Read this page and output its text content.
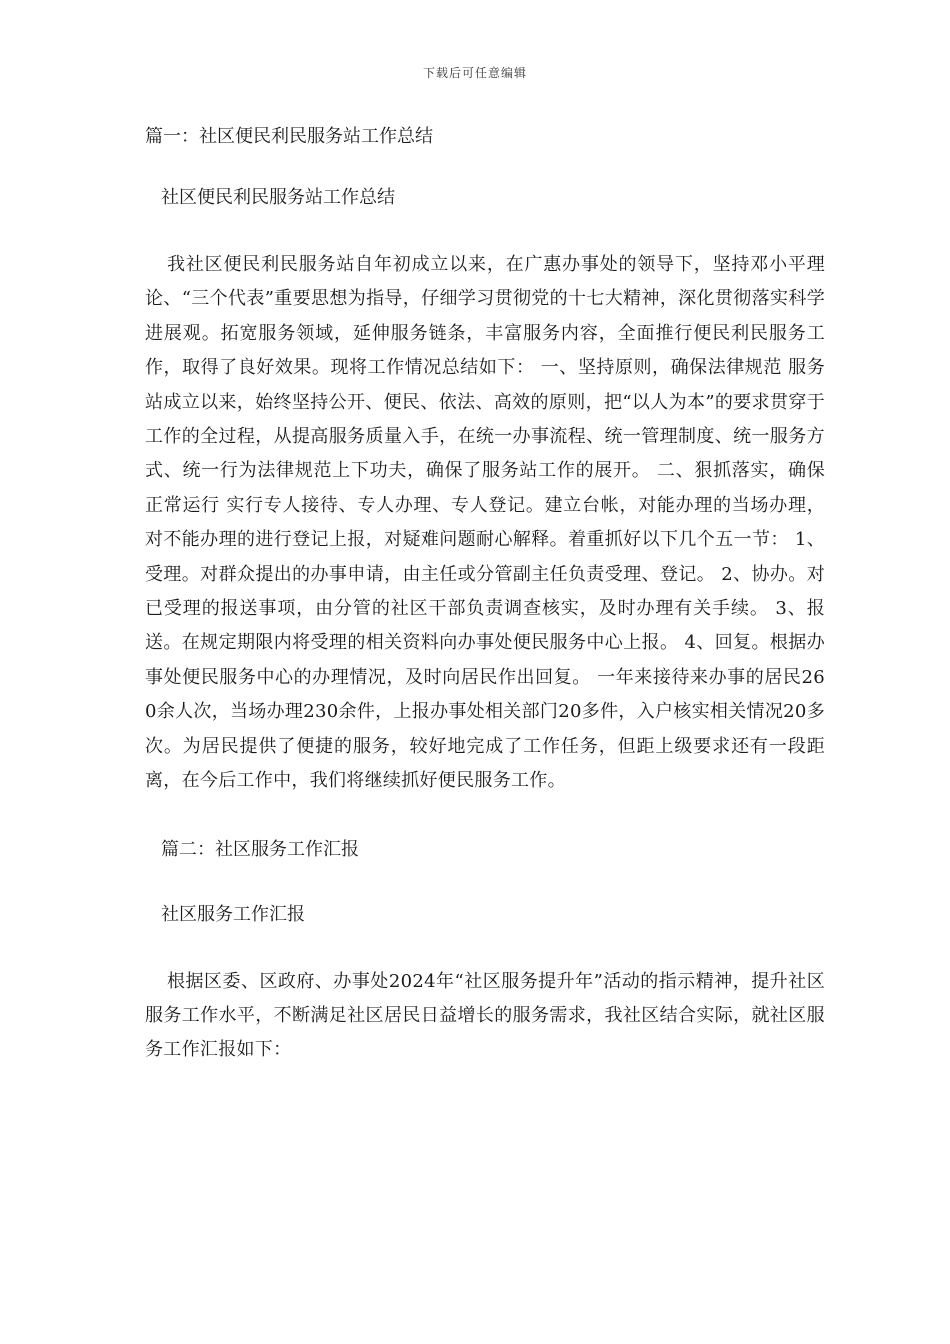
下载后可任意编辑
篇一：社区便民利民服务站工作总结
社区便民利民服务站工作总结

我社区便民利民服务站自年初成立以来，在广惠办事处的领导下，坚持邓小平理论、“三个代表”重要思想为指导，仔细学习贯彻党的十七大精神，深化贯彻落实科学进展观。拓宽服务领域，延伸服务链条，丰富服务内容，全面推行便民利民服务工作，取得了良好效果。现将工作情况总结如下： 一、坚持原则，确保法律规范 服务站成立以来，始终坚持公开、便民、依法、高效的原则，把“以人为本”的要求贯穿于工作的全过程，从提高服务质量入手，在统一办事流程、统一管理制度、统一服务方式、统一行为法律规范上下功夫，确保了服务站工作的展开。 二、狠抓落实，确保正常运行 实行专人接待、专人办理、专人登记。建立台帐，对能办理的当场办理，对不能办理的进行登记上报，对疑难问题耐心解释。着重抓好以下几个五一节： 1、受理。对群众提出的办事申请，由主任或分管副主任负责受理、登记。 2、协办。对已受理的报送事项，由分管的社区干部负责调查核实，及时办理有关手续。 3、报送。在规定期限内将受理的相关资料向办事处便民服务中心上报。 4、回复。根据办事处便民服务中心的办理情况，及时向居民作出回复。 一年来接待来办事的居民260余人次，当场办理230余件，上报办事处相关部门20多件，入户核实相关情况20多次。为居民提供了便捷的服务，较好地完成了工作任务，但距上级要求还有一段距离，在今后工作中，我们将继续抓好便民服务工作。

篇二：社区服务工作汇报
社区服务工作汇报

根据区委、区政府、办事处2024年“社区服务提升年”活动的指示精神，提升社区服务工作水平，不断满足社区居民日益增长的服务需求，我社区结合实际，就社区服务工作汇报如下：
